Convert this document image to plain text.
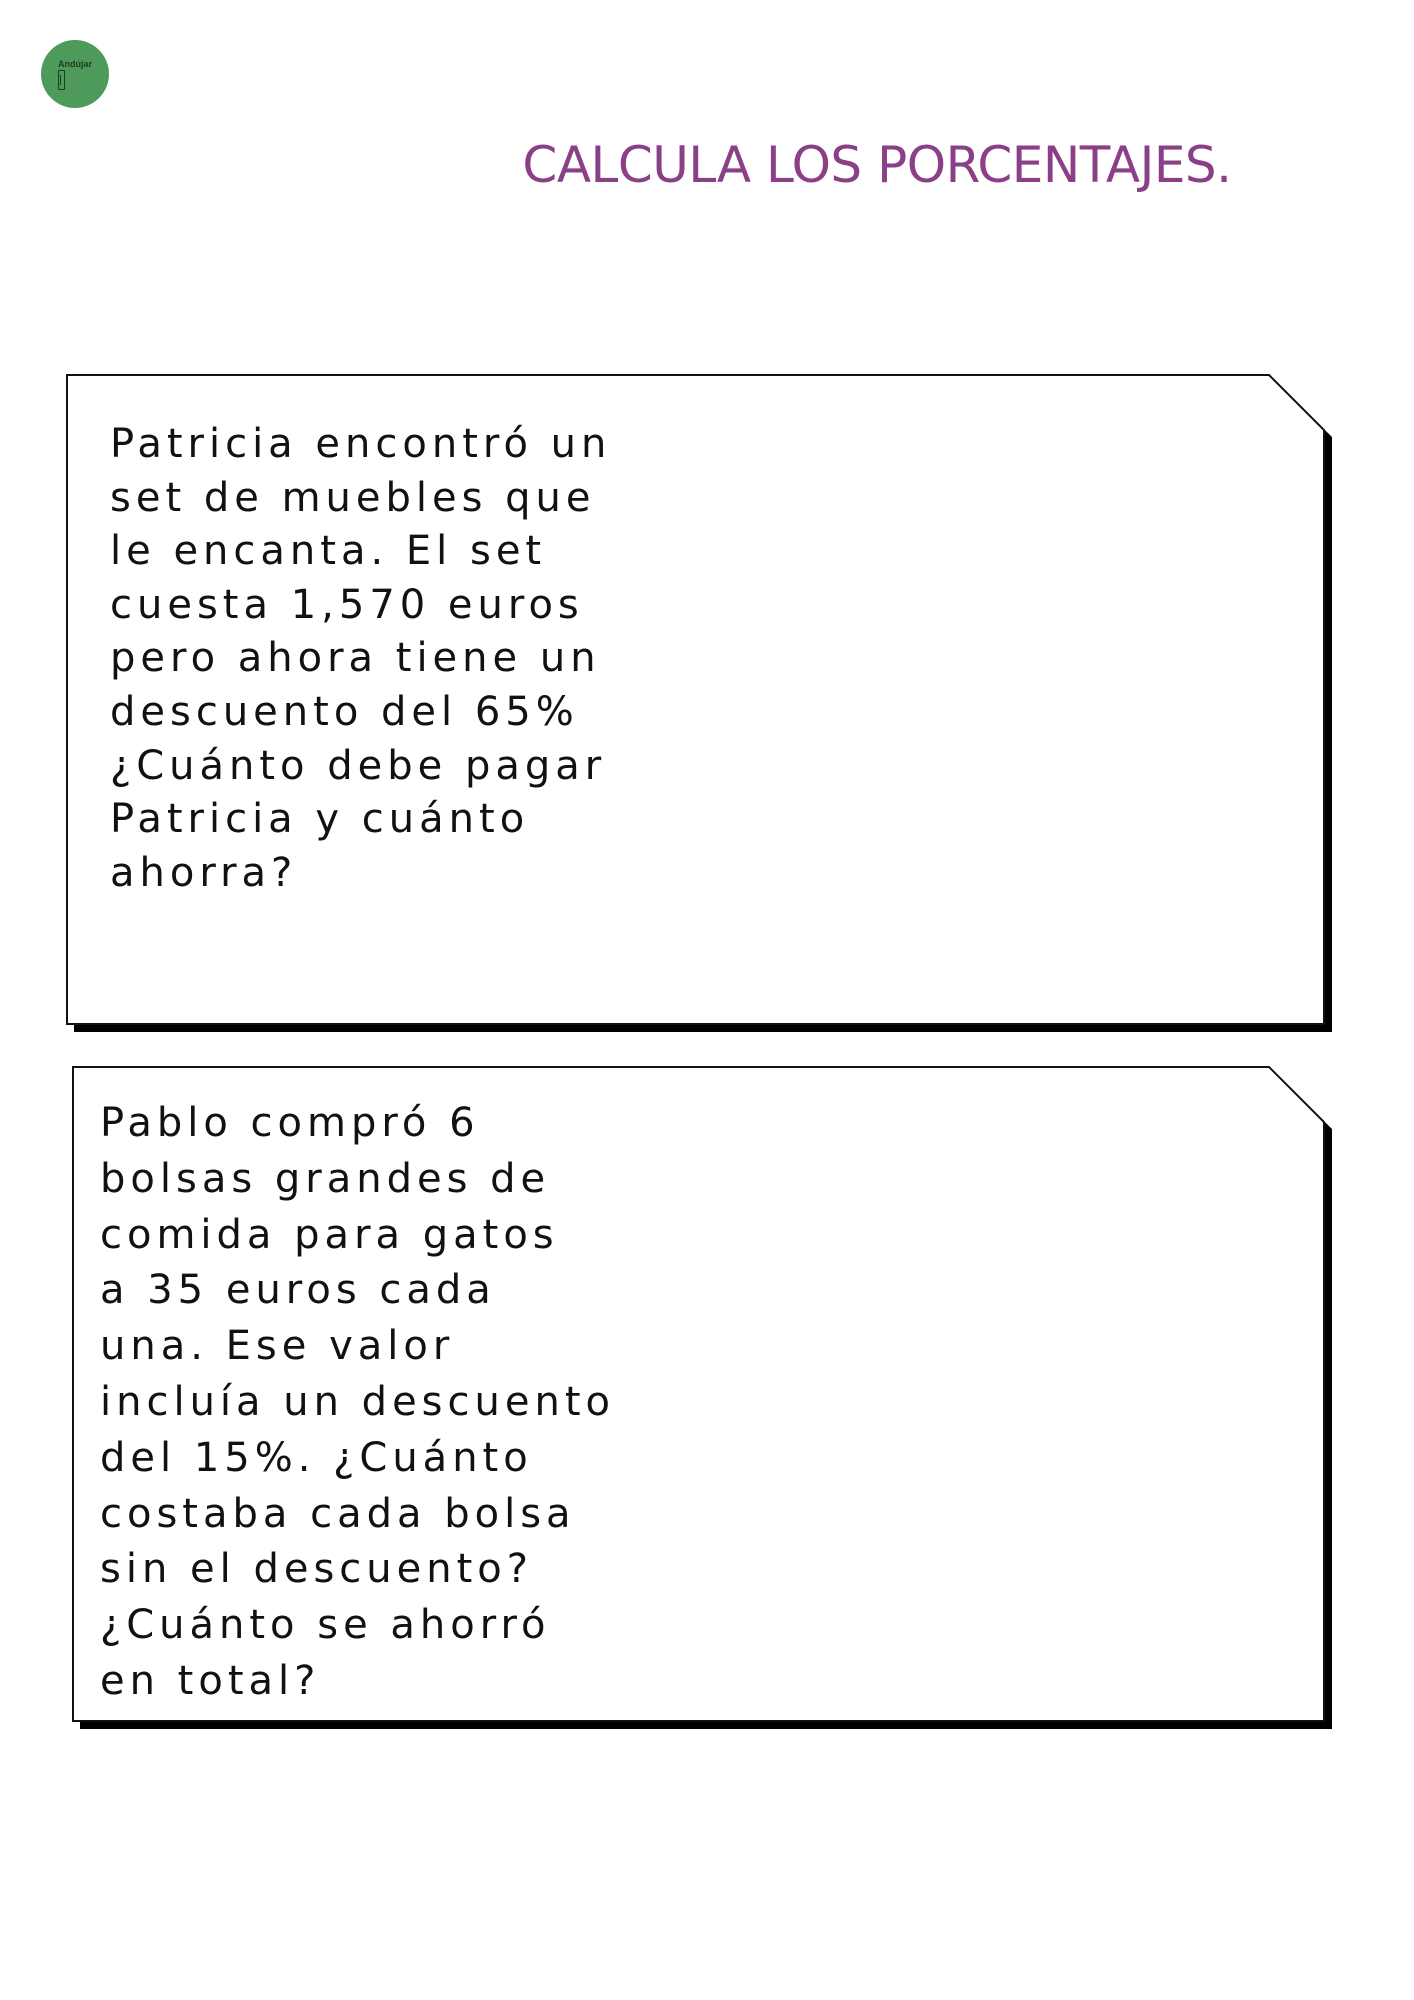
Andújar
CALCULA LOS PORCENTAJES.
Patricia encontró un
set de muebles que
le encanta. El set
cuesta 1,570 euros
pero ahora tiene un
descuento del 65%
¿Cuánto debe pagar
Patricia y cuánto
ahorra?
Pablo compró 6
bolsas grandes de
comida para gatos
a 35 euros cada
una. Ese valor
incluía un descuento
del 15%. ¿Cuánto
costaba cada bolsa
sin el descuento?
¿Cuánto se ahorró
en total?
